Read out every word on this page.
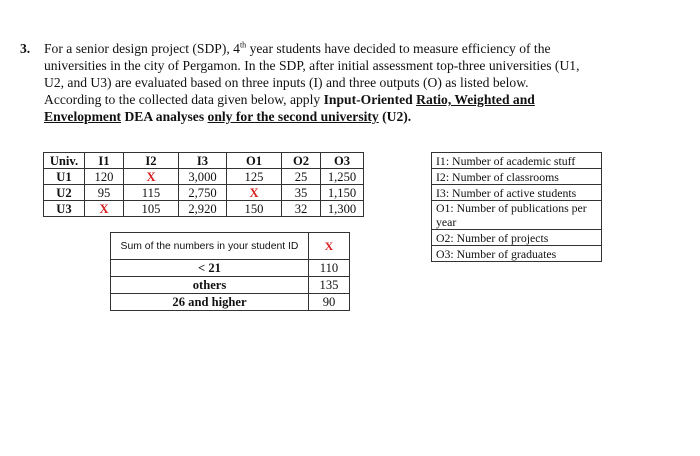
3. For a senior design project (SDP), 4th year students have decided to measure efficiency of the
universities in the city of Pergamon. In the SDP, after initial assessment top-three universities (U1,
U2, and U3) are evaluated based on three inputs (I) and three outputs (O) as listed below.
According to the collected data given below, apply Input-Oriented Ratio, Weighted and
Envelopment DEA analyses only for the second university (U2).
Univ.	I1	I2	I3	O1	O2	O3
U1	120	X	3,000	125	25	1,250
U2	95	115	2,750	X	35	1,150
U3	X	105	2,920	150	32	1,300
I1: Number of academic stuff
I2: Number of classrooms
I3: Number of active students
O1: Number of publications per year
O2: Number of projects
O3: Number of graduates
Sum of the numbers in your student ID	X
< 21	110
others	135
26 and higher	90
